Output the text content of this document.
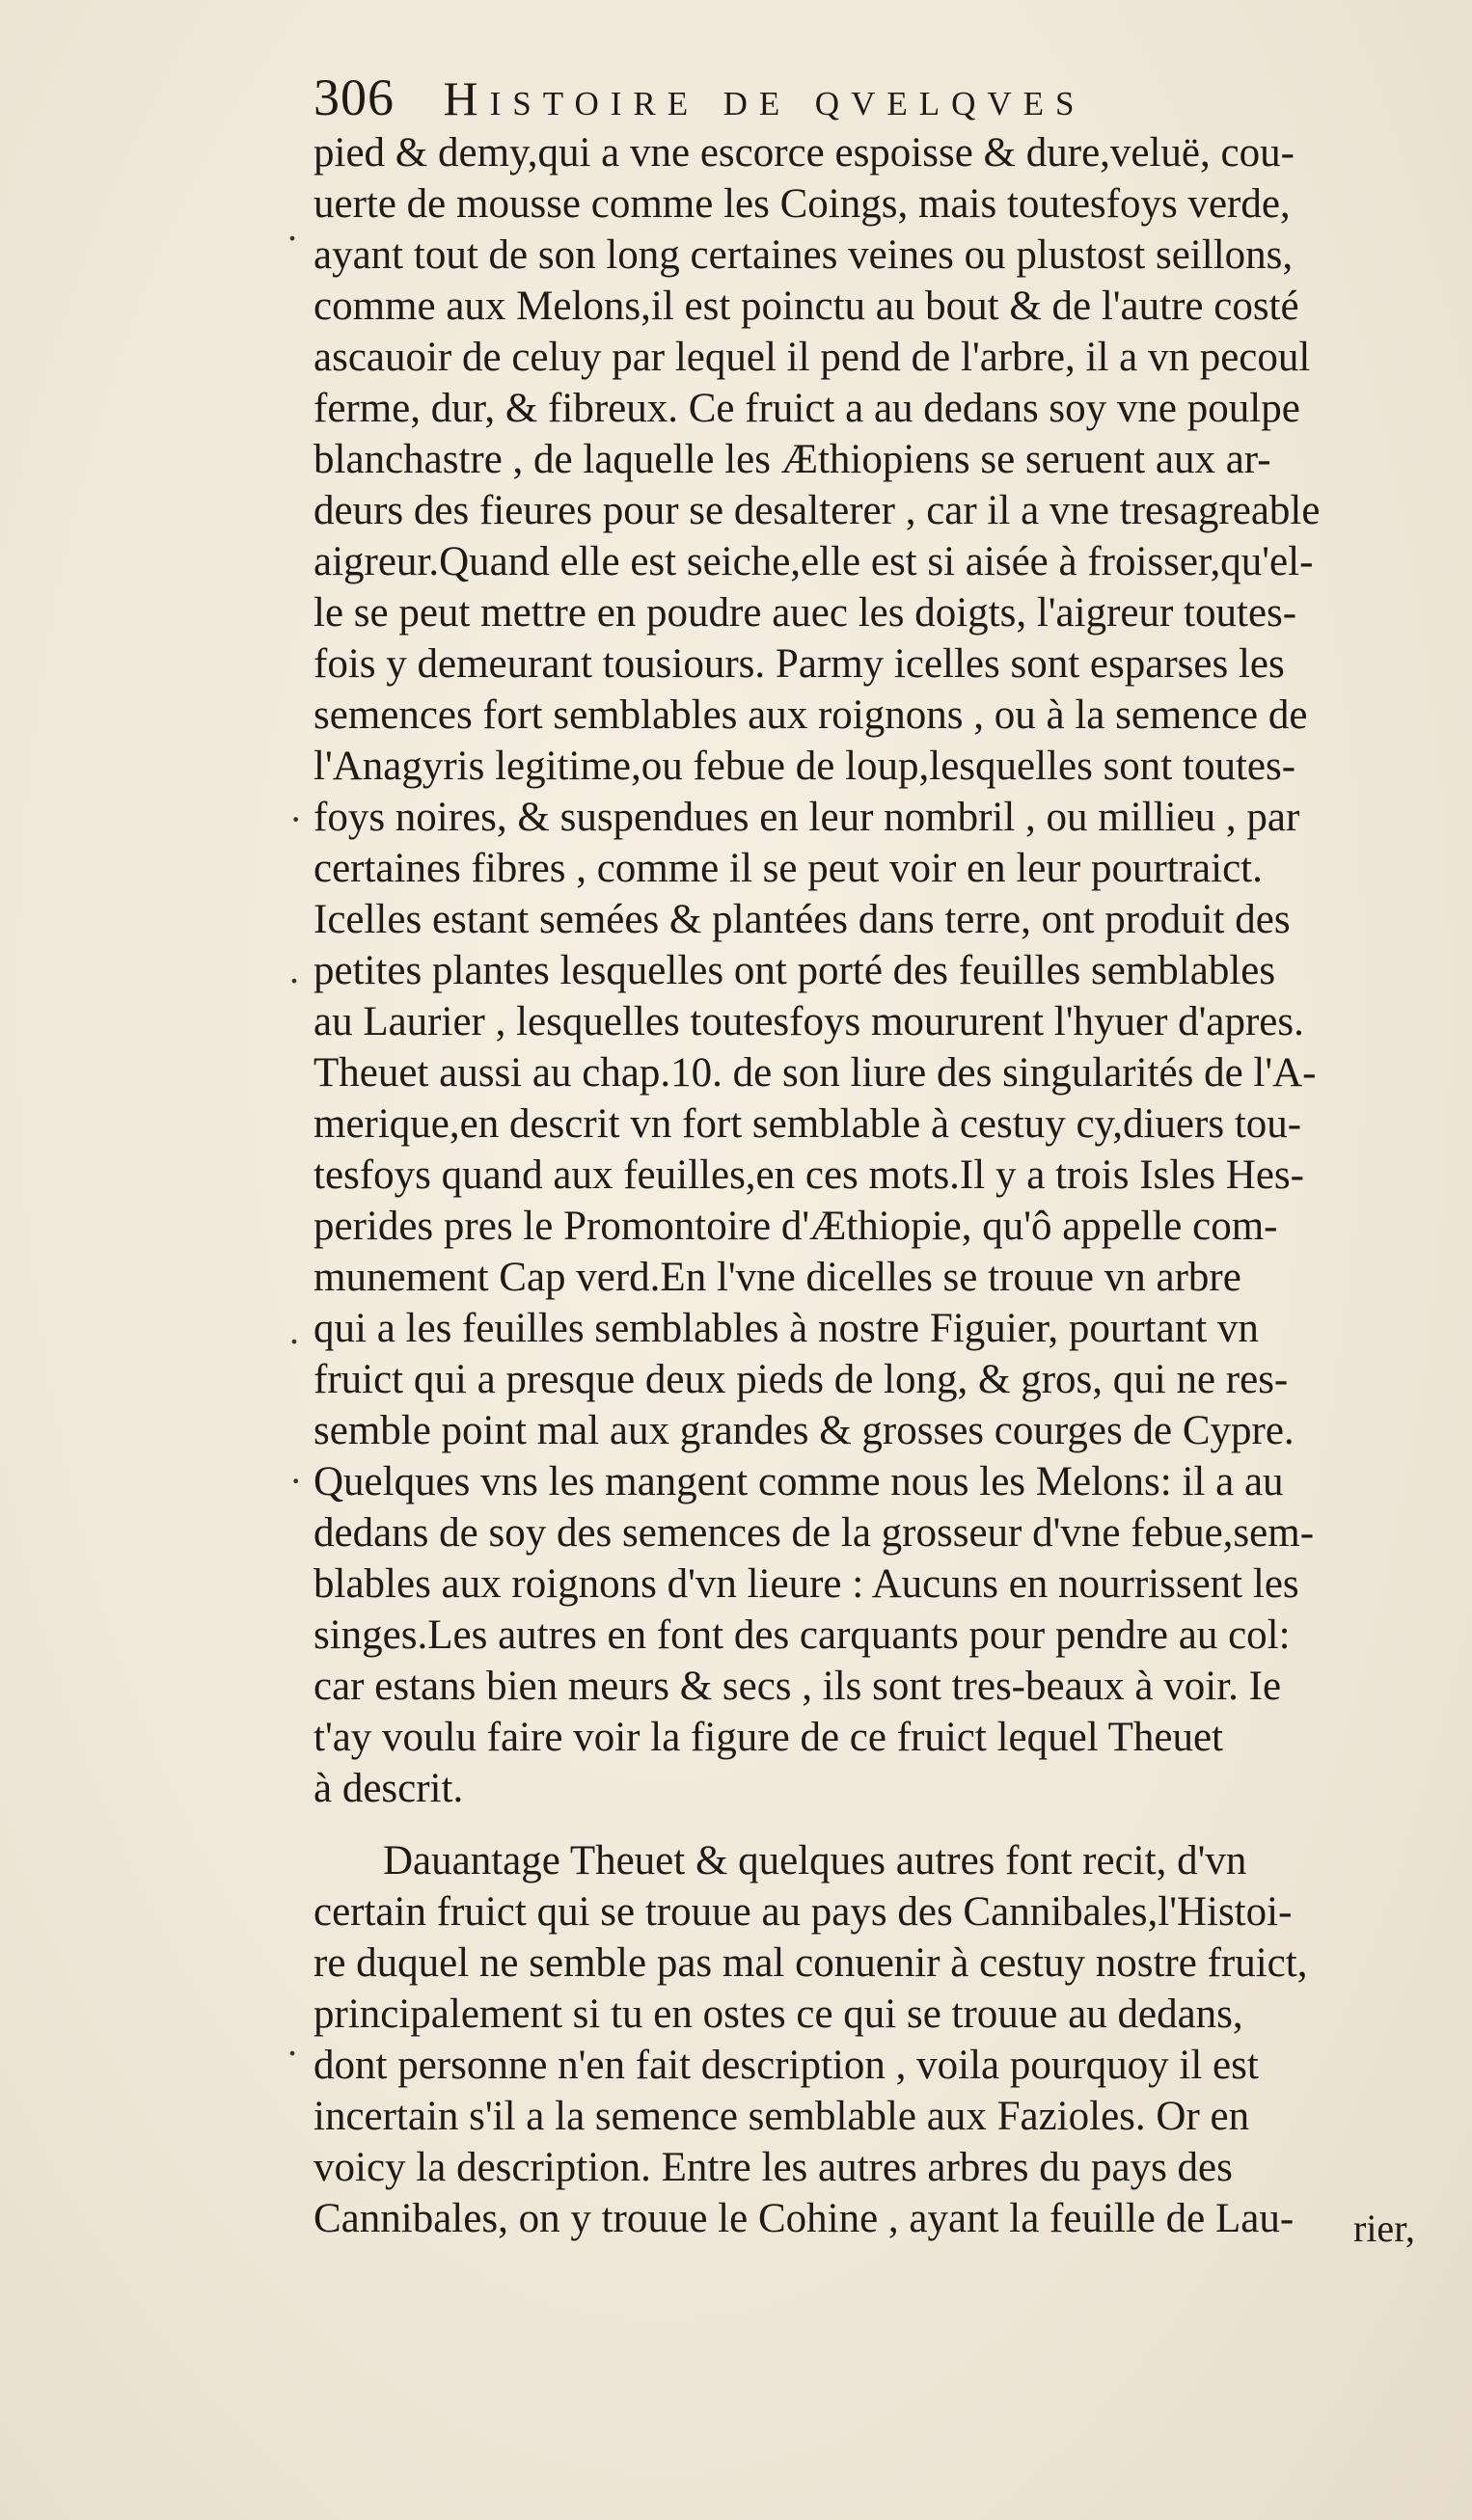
306 Histoire de qvelqves
pied & demy,qui a vne escorce espoisse & dure,veluë, cou-
uerte de mousse comme les Coings, mais toutesfoys verde,
ayant tout de son long certaines veines ou plustost seillons,
comme aux Melons,il est poinctu au bout & de l'autre costé
ascauoir de celuy par lequel il pend de l'arbre, il a vn pecoul
ferme, dur, & fibreux. Ce fruict a au dedans soy vne poulpe
blanchastre , de laquelle les Æthiopiens se seruent aux ar-
deurs des fieures pour se desalterer , car il a vne tresagreable
aigreur.Quand elle est seiche,elle est si aisée à froisser,qu'el-
le se peut mettre en poudre auec les doigts, l'aigreur toutes-
fois y demeurant tousiours. Parmy icelles sont esparses les
semences fort semblables aux roignons , ou à la semence de
l'Anagyris legitime,ou febue de loup,lesquelles sont toutes-
foys noires, & suspendues en leur nombril , ou millieu , par
certaines fibres , comme il se peut voir en leur pourtraict.
Icelles estant semées & plantées dans terre, ont produit des
petites plantes lesquelles ont porté des feuilles semblables
au Laurier , lesquelles toutesfoys moururent l'hyuer d'apres.
Theuet aussi au chap.10. de son liure des singularités de l'A-
merique,en descrit vn fort semblable à cestuy cy,diuers tou-
tesfoys quand aux feuilles,en ces mots.Il y a trois Isles Hes-
perides pres le Promontoire d'Æthiopie, qu'ô appelle com-
munement Cap verd.En l'vne dicelles se trouue vn arbre
qui a les feuilles semblables à nostre Figuier, pourtant vn
fruict qui a presque deux pieds de long, & gros, qui ne res-
semble point mal aux grandes & grosses courges de Cypre.
Quelques vns les mangent comme nous les Melons: il a au
dedans de soy des semences de la grosseur d'vne febue,sem-
blables aux roignons d'vn lieure : Aucuns en nourrissent les
singes.Les autres en font des carquants pour pendre au col:
car estans bien meurs & secs , ils sont tres-beaux à voir. Ie
t'ay voulu faire voir la figure de ce fruict lequel Theuet
à descrit.
Dauantage Theuet & quelques autres font recit, d'vn
certain fruict qui se trouue au pays des Cannibales,l'Histoi-
re duquel ne semble pas mal conuenir à cestuy nostre fruict,
principalement si tu en ostes ce qui se trouue au dedans,
dont personne n'en fait description , voila pourquoy il est
incertain s'il a la semence semblable aux Fazioles. Or en
voicy la description. Entre les autres arbres du pays des
Cannibales, on y trouue le Cohine , ayant la feuille de Lau-	rier,
.
·
.
.
·
.
